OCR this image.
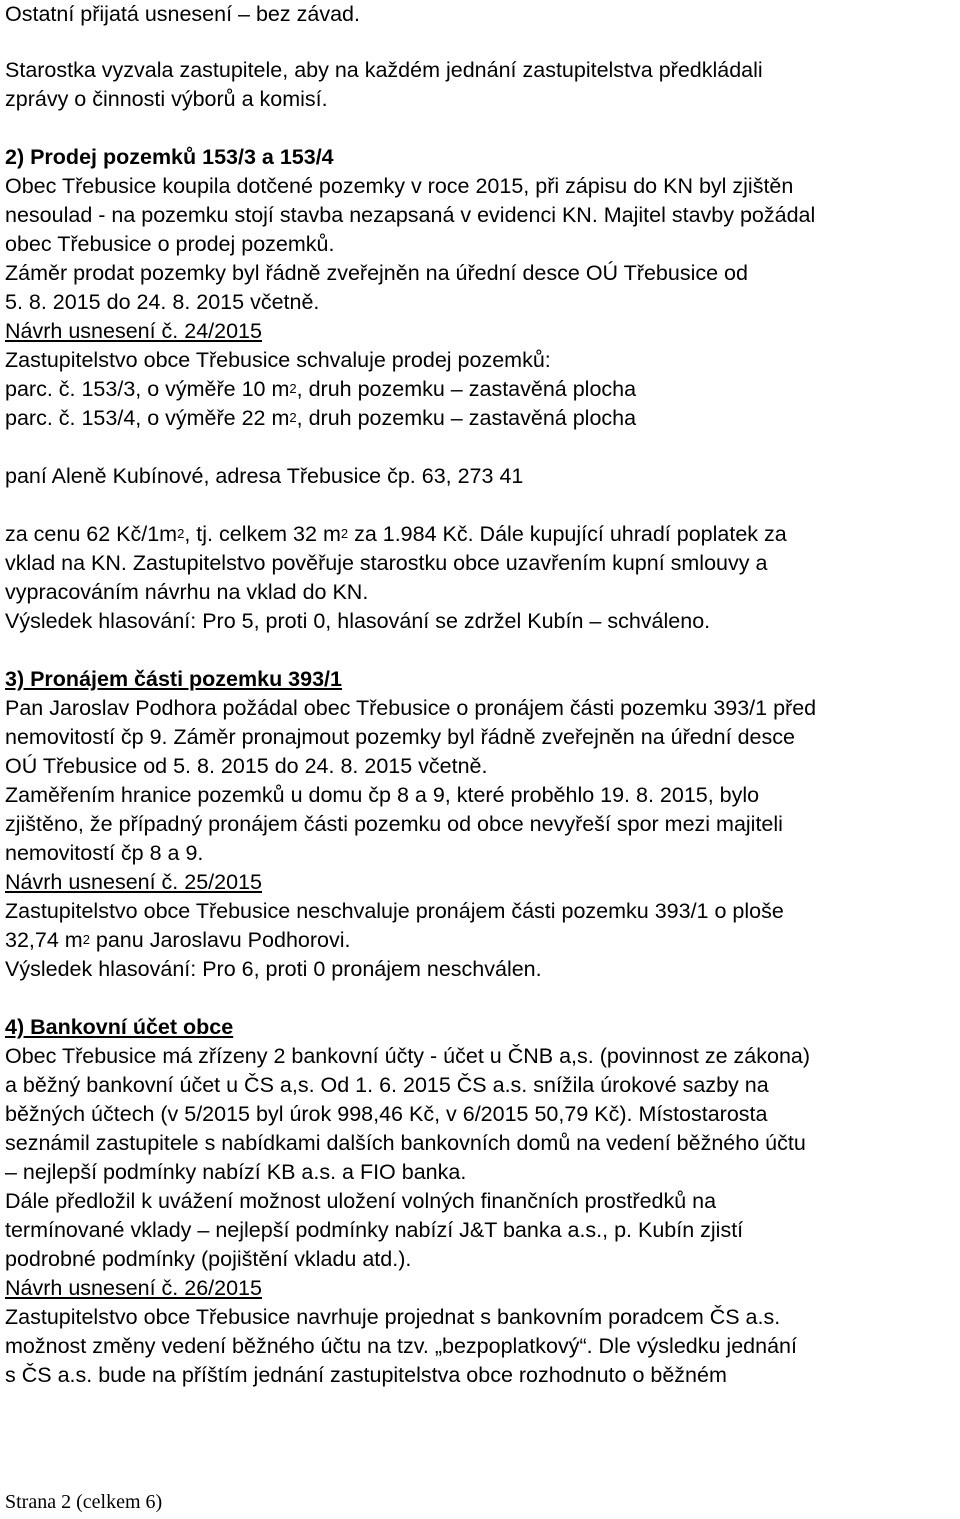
Ostatní přijatá usnesení – bez závad.
Starostka vyzvala zastupitele, aby na každém jednání zastupitelstva předkládali
zprávy o činnosti výborů a komisí.
2) Prodej pozemků 153/3 a 153/4
Obec Třebusice koupila dotčené pozemky v roce 2015, při zápisu do KN byl zjištěn
nesoulad - na pozemku stojí stavba nezapsaná v evidenci KN. Majitel stavby požádal
obec Třebusice o prodej pozemků.
Záměr prodat pozemky byl řádně zveřejněn na úřední desce OÚ Třebusice od
5. 8. 2015 do 24. 8. 2015 včetně.
Návrh usnesení č. 24/2015
Zastupitelstvo obce Třebusice schvaluje prodej pozemků:
parc. č. 153/3, o výměře 10 $m^2$, druh pozemku – zastavěná plocha
parc. č. 153/4, o výměře 22 $m^2$, druh pozemku – zastavěná plocha
paní Aleně Kubínové, adresa Třebusice čp. 63, 273 41
za cenu 62 $Kč/1m^2$, tj. celkem 32 $m^2$ za 1.984 Kč. Dále kupující uhradí poplatek za
vklad na KN. Zastupitelstvo pověřuje starostku obce uzavřením kupní smlouvy a
vypracováním návrhu na vklad do KN.
Výsledek hlasování: Pro 5, proti 0, hlasování se zdržel Kubín – schváleno.
3) Pronájem části pozemku 393/1
Pan Jaroslav Podhora požádal obec Třebusice o pronájem části pozemku 393/1 před
nemovitostí čp 9. Záměr pronajmout pozemky byl řádně zveřejněn na úřední desce
OÚ Třebusice od 5. 8. 2015 do 24. 8. 2015 včetně.
Zaměřením hranice pozemků u domu čp 8 a 9, které proběhlo 19. 8. 2015, bylo
zjištěno, že případný pronájem části pozemku od obce nevyřeší spor mezi majiteli
nemovitostí čp 8 a 9.
Návrh usnesení č. 25/2015
Zastupitelstvo obce Třebusice neschvaluje pronájem části pozemku 393/1 o ploše
32,74 $m^2$ panu Jaroslavu Podhorovi.
Výsledek hlasování: Pro 6, proti 0 pronájem neschválen.
4) Bankovní účet obce
Obec Třebusice má zřízeny 2 bankovní účty - účet u ČNB a,s. (povinnost ze zákona)
a běžný bankovní účet u ČS a,s. Od 1. 6. 2015 ČS a.s. snížila úrokové sazby na
běžných účtech (v 5/2015 byl úrok 998,46 Kč, v 6/2015 50,79 Kč). Místostarosta
seznámil zastupitele s nabídkami dalších bankovních domů na vedení běžného účtu
– nejlepší podmínky nabízí KB a.s. a FIO banka.
Dále předložil k uvážení možnost uložení volných finančních prostředků na
termínované vklady – nejlepší podmínky nabízí J&T banka a.s., p. Kubín zjistí
podrobné podmínky (pojištění vkladu atd.).
Návrh usnesení č. 26/2015
Zastupitelstvo obce Třebusice navrhuje projednat s bankovním poradcem ČS a.s.
možnost změny vedení běžného účtu na tzv. „bezpoplatkový“. Dle výsledku jednání
s ČS a.s. bude na příštím jednání zastupitelstva obce rozhodnuto o běžném
Strana 2 (celkem 6)
